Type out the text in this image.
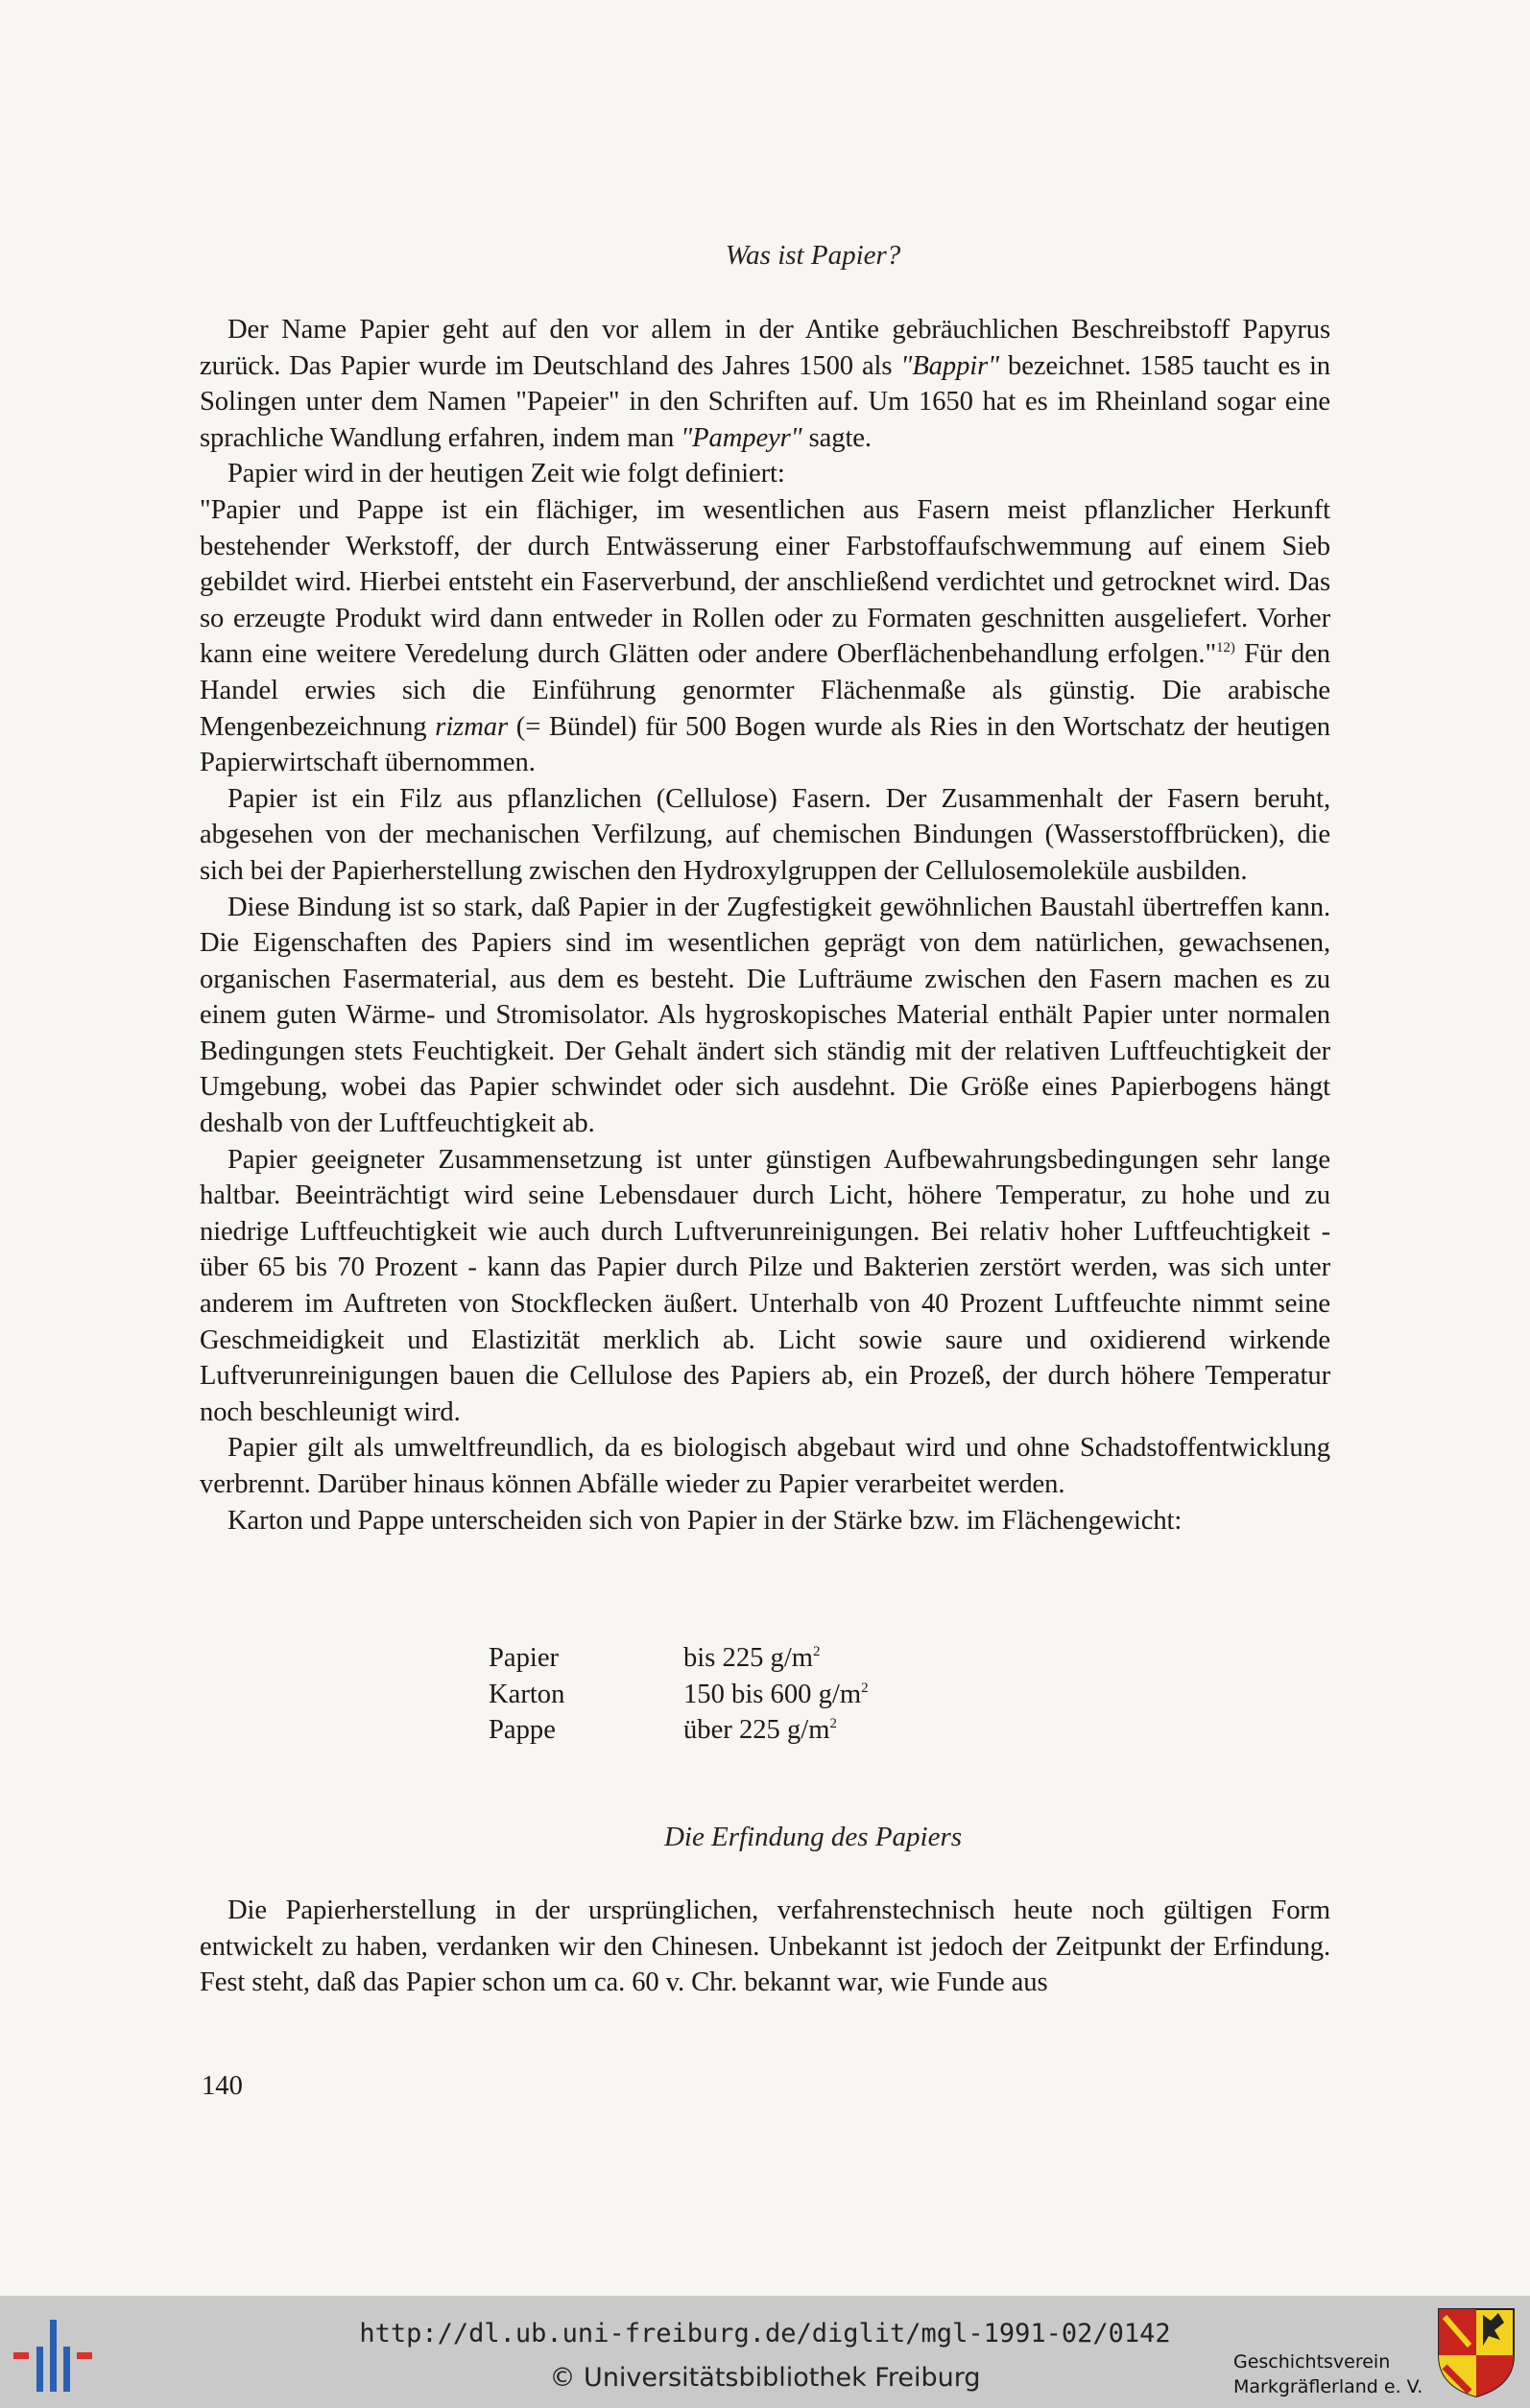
Was ist Papier?

Der Name Papier geht auf den vor allem in der Antike gebräuchlichen Beschreibstoff Papyrus zurück. Das Papier wurde im Deutschland des Jahres 1500 als "Bappir" bezeichnet. 1585 taucht es in Solingen unter dem Namen "Papeier" in den Schriften auf. Um 1650 hat es im Rheinland sogar eine sprachliche Wandlung erfahren, indem man "Pampeyr" sagte.

Papier wird in der heutigen Zeit wie folgt definiert:

"Papier und Pappe ist ein flächiger, im wesentlichen aus Fasern meist pflanzlicher Herkunft bestehender Werkstoff, der durch Entwässerung einer Farbstoffaufschwemmung auf einem Sieb gebildet wird. Hierbei entsteht ein Faserverbund, der anschließend verdichtet und getrocknet wird. Das so erzeugte Produkt wird dann entweder in Rollen oder zu Formaten geschnitten ausgeliefert. Vorher kann eine weitere Veredelung durch Glätten oder andere Oberflächenbehandlung erfolgen."$^{12)}$ Für den Handel erwies sich die Einführung genormter Flächenmaße als günstig. Die arabische Mengenbezeichnung rizmar (= Bündel) für 500 Bogen wurde als Ries in den Wortschatz der heutigen Papierwirtschaft übernommen.

Papier ist ein Filz aus pflanzlichen (Cellulose) Fasern. Der Zusammenhalt der Fasern beruht, abgesehen von der mechanischen Verfilzung, auf chemischen Bindungen (Wasserstoffbrücken), die sich bei der Papierherstellung zwischen den Hydroxylgruppen der Cellulosemoleküle ausbilden.

Diese Bindung ist so stark, daß Papier in der Zugfestigkeit gewöhnlichen Baustahl übertreffen kann. Die Eigenschaften des Papiers sind im wesentlichen geprägt von dem natürlichen, gewachsenen, organischen Fasermaterial, aus dem es besteht. Die Lufträume zwischen den Fasern machen es zu einem guten Wärme- und Stromisolator. Als hygroskopisches Material enthält Papier unter normalen Bedingungen stets Feuchtigkeit. Der Gehalt ändert sich ständig mit der relativen Luftfeuchtigkeit der Umgebung, wobei das Papier schwindet oder sich ausdehnt. Die Größe eines Papierbogens hängt deshalb von der Luftfeuchtigkeit ab.

Papier geeigneter Zusammensetzung ist unter günstigen Aufbewahrungsbedingungen sehr lange haltbar. Beeinträchtigt wird seine Lebensdauer durch Licht, höhere Temperatur, zu hohe und zu niedrige Luftfeuchtigkeit wie auch durch Luftverunreinigungen. Bei relativ hoher Luftfeuchtigkeit - über 65 bis 70 Prozent - kann das Papier durch Pilze und Bakterien zerstört werden, was sich unter anderem im Auftreten von Stockflecken äußert. Unterhalb von 40 Prozent Luftfeuchte nimmt seine Geschmeidigkeit und Elastizität merklich ab. Licht sowie saure und oxidierend wirkende Luftverunreinigungen bauen die Cellulose des Papiers ab, ein Prozeß, der durch höhere Temperatur noch beschleunigt wird.

Papier gilt als umweltfreundlich, da es biologisch abgebaut wird und ohne Schadstoffentwicklung verbrennt. Darüber hinaus können Abfälle wieder zu Papier verarbeitet werden.

Karton und Pappe unterscheiden sich von Papier in der Stärke bzw. im Flächengewicht:

Papier	bis 225 $g/m^2$
Karton	150 bis 600 $g/m^2$
Pappe	über 225 $g/m^2$
Die Erfindung des Papiers

Die Papierherstellung in der ursprünglichen, verfahrenstechnisch heute noch gültigen Form entwickelt zu haben, verdanken wir den Chinesen. Unbekannt ist jedoch der Zeitpunkt der Erfindung. Fest steht, daß das Papier schon um ca. 60 v. Chr. bekannt war, wie Funde aus

140
http://dl.ub.uni-freiburg.de/diglit/mgl-1991-02/0142
© Universitätsbibliothek Freiburg
Geschichtsverein
Markgräflerland e. V.
